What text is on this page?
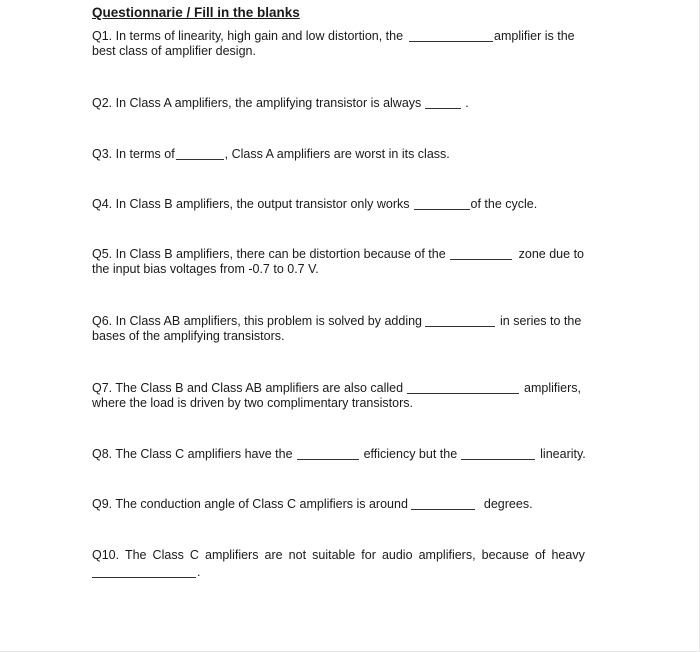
Questionnarie / Fill in the blanks
Q1. In terms of linearity, high gain and low distortion, the	amplifier is the
best class of amplifier design.
Q2. In Class A amplifiers, the amplifying transistor is always	.
Q3. In terms of	, Class A amplifiers are worst in its class.
Q4. In Class B amplifiers, the output transistor only works	of the cycle.
Q5. In Class B amplifiers, there can be distortion because of the	zone due to
the input bias voltages from -0.7 to 0.7 V.
Q6. In Class AB amplifiers, this problem is solved by adding	in series to the
bases of the amplifying transistors.
Q7. The Class B and Class AB amplifiers are also called	amplifiers,
where the load is driven by two complimentary transistors.
Q8. The Class C amplifiers have the	efficiency but the	linearity.
Q9. The conduction angle of Class C amplifiers is around	degrees.
Q10. The Class C amplifiers are not suitable for audio amplifiers, because of heavy
.
